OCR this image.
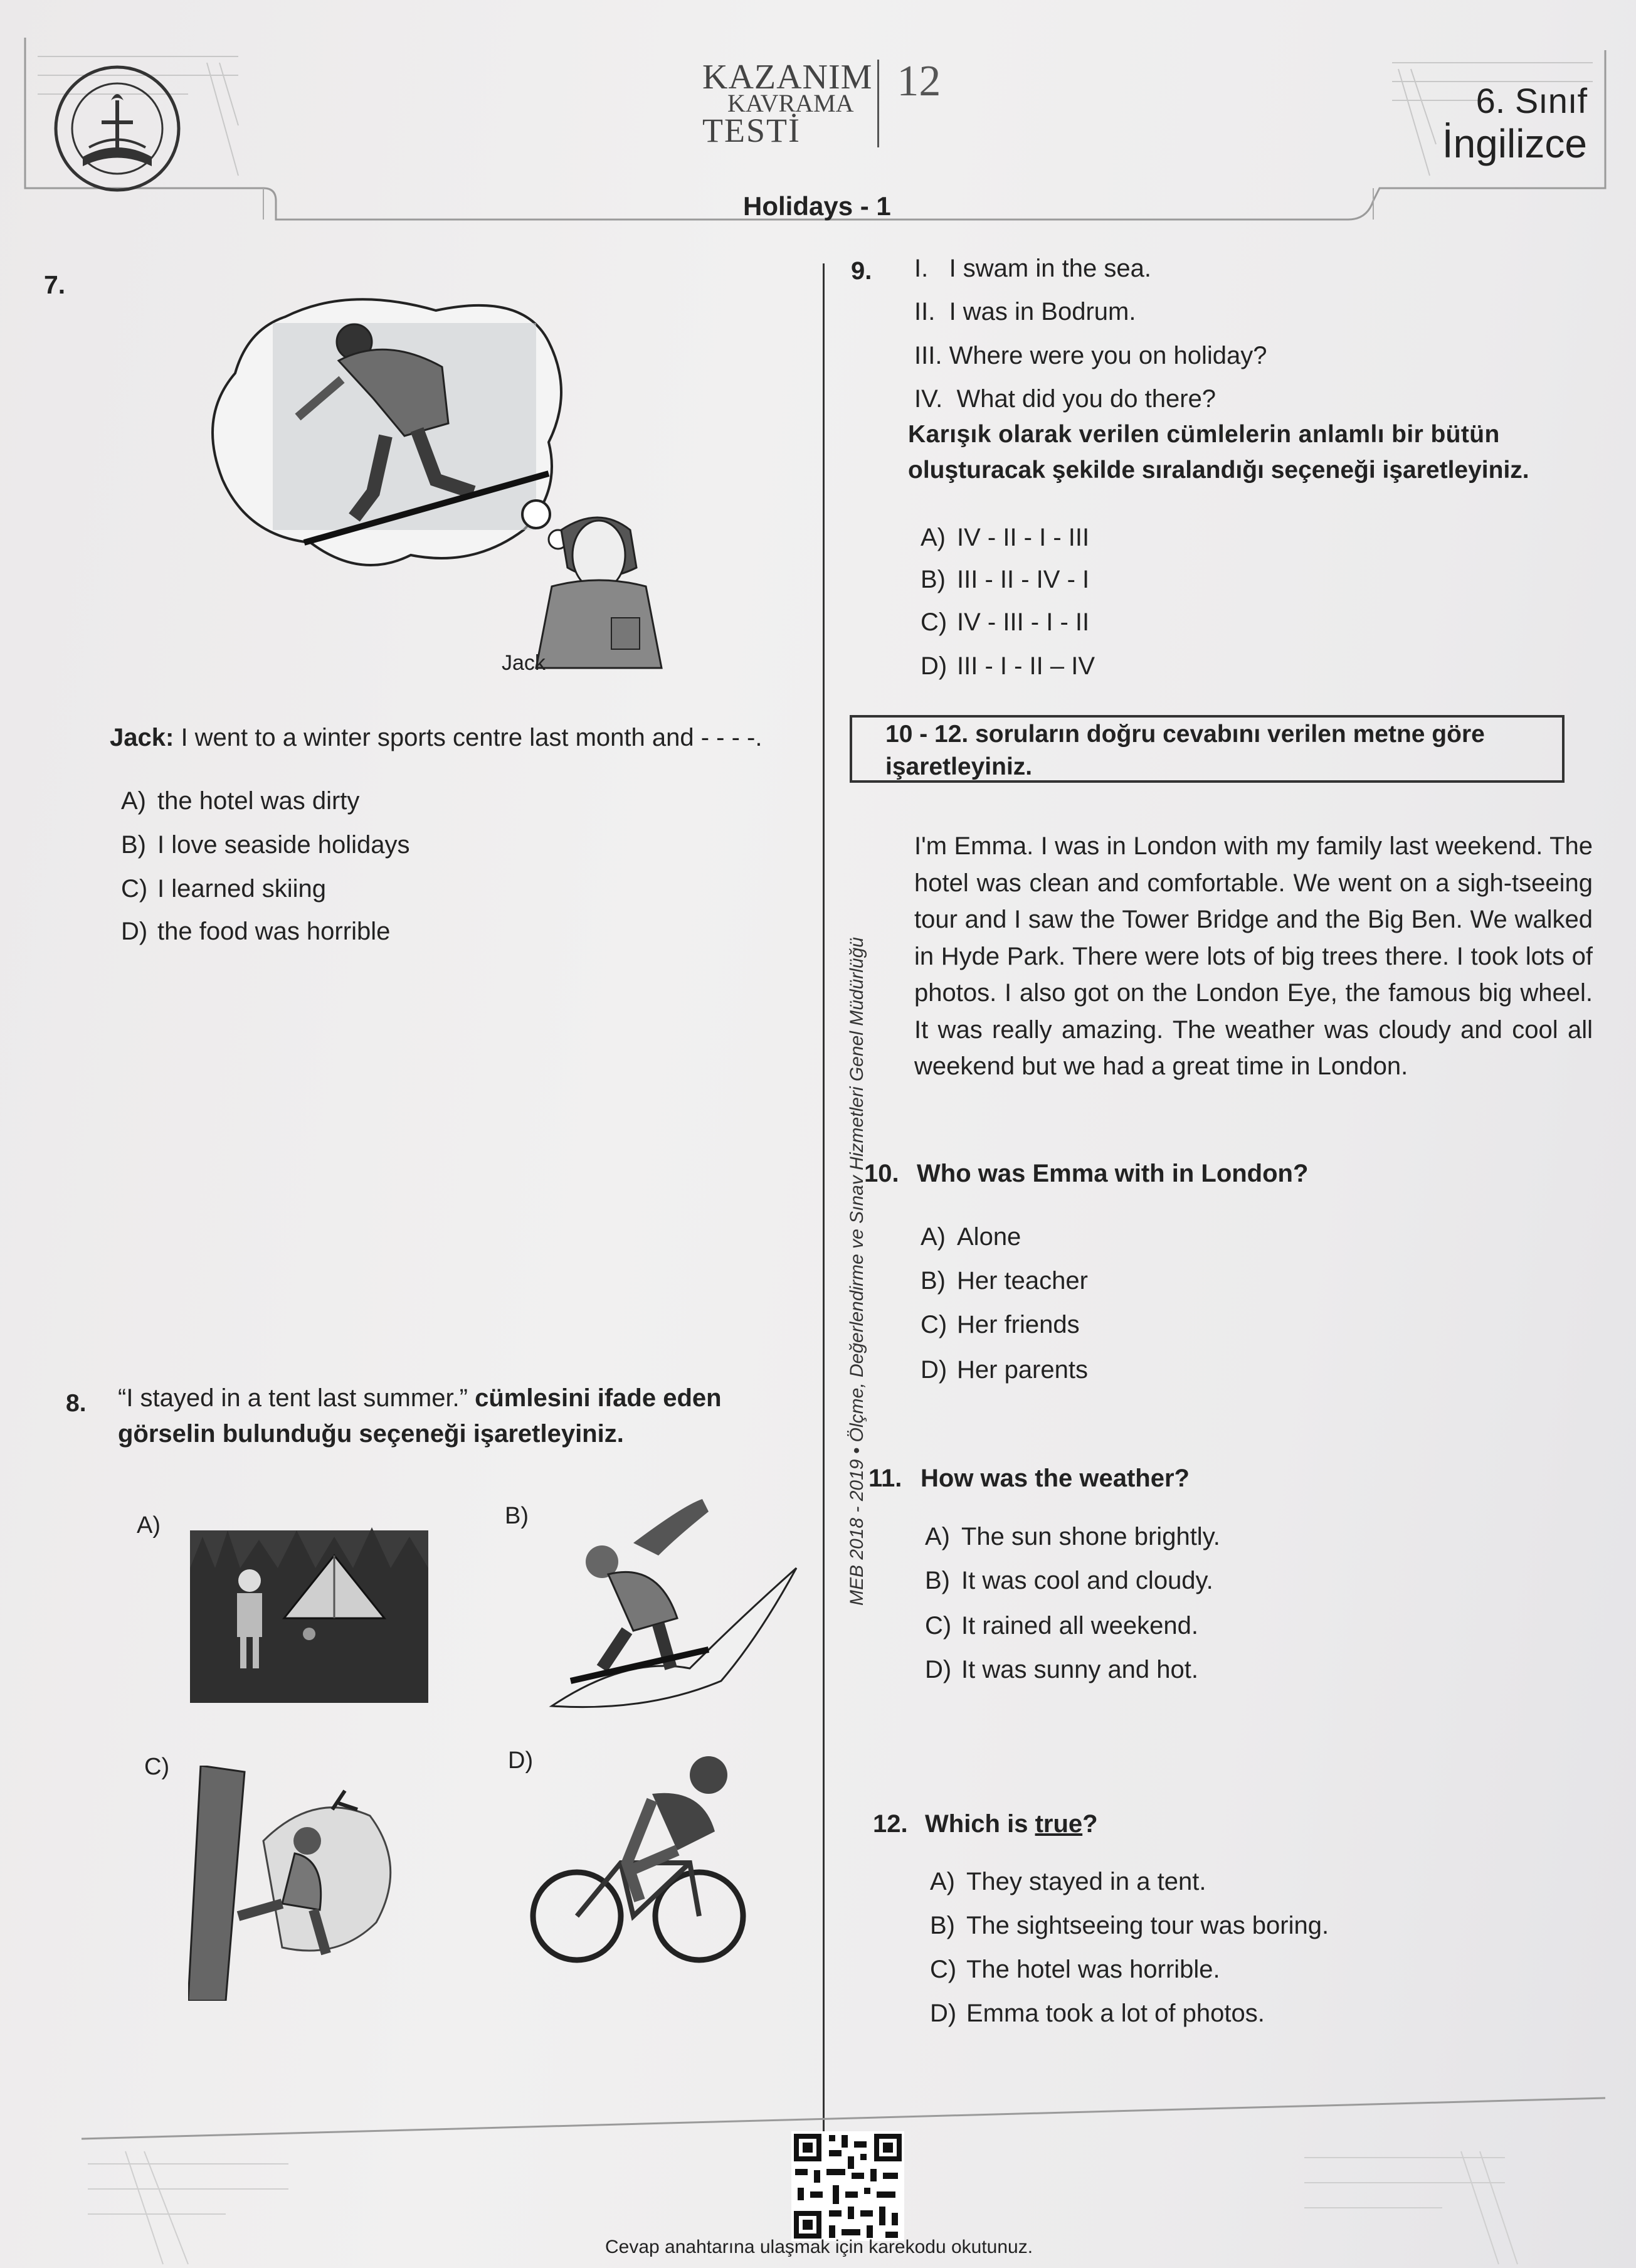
KAZANIM
KAVRAMA
TESTİ
12	6. Sınıf
İngilizce
Holidays - 1
MEB 2018 - 2019 • Ölçme, Değerlendirme ve Sınav Hizmetleri Genel Müdürlüğü
7.
Jack
Jack: I went to a winter sports centre last month and - - - -.
A) the hotel was dirty
B) I love seaside holidays
C) I learned skiing
D) the food was horrible
8. “I stayed in a tent last summer.” cümlesini ifade eden
görselin bulunduğu seçeneği işaretleyiniz.
A)	B)
C)	D)
9. I.   I swam in the sea.
II.  I was in Bodrum.
III. Where were you on holiday?
IV.  What did you do there?
Karışık olarak verilen cümlelerin anlamlı bir bütün
oluşturacak şekilde sıralandığı seçeneği işaretleyiniz.
A) IV - II - I - III
B) III - II - IV - I
C) IV - III - I - II
D) III - I - II – IV
10 - 12. soruların doğru cevabını verilen metne göre
işaretleyiniz.
I'm Emma. I was in London with my family last weekend. The hotel was clean and comfortable. We went on a sigh-tseeing tour and I saw the Tower Bridge and the Big Ben. We walked in Hyde Park. There were lots of big trees there. I took lots of photos. I also got on the London Eye, the famous big wheel. It was really amazing. The weather was cloudy and cool all weekend but we had a great time in London.
10. Who was Emma with in London?
A) Alone
B) Her teacher
C) Her friends
D) Her parents
11. How was the weather?
A) The sun shone brightly.
B) It was cool and cloudy.
C) It rained all weekend.
D) It was sunny and hot.
12. Which is true?
A) They stayed in a tent.
B) The sightseeing tour was boring.
C) The hotel was horrible.
D) Emma took a lot of photos.
Cevap anahtarına ulaşmak için karekodu okutunuz.
